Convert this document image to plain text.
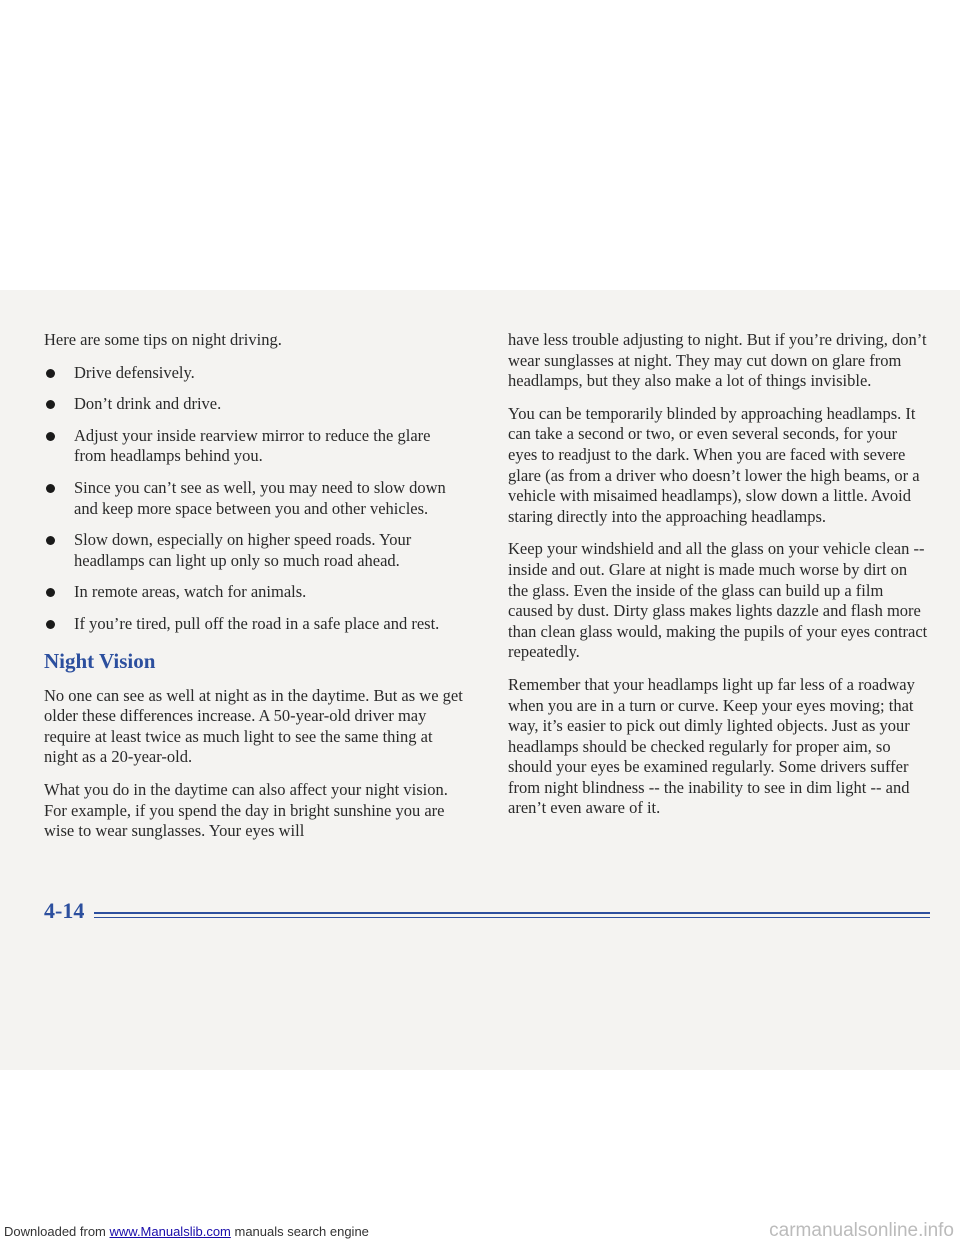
Here are some tips on night driving.

Drive defensively.
Don’t drink and drive.
Adjust your inside rearview mirror to reduce the glare from headlamps behind you.
Since you can’t see as well, you may need to slow down and keep more space between you and other vehicles.
Slow down, especially on higher speed roads. Your headlamps can light up only so much road ahead.
In remote areas, watch for animals.
If you’re tired, pull off the road in a safe place and rest.
Night Vision

No one can see as well at night as in the daytime. But as we get older these differences increase. A 50-year-old driver may require at least twice as much light to see the same thing at night as a 20-year-old.

What you do in the daytime can also affect your night vision. For example, if you spend the day in bright sunshine you are wise to wear sunglasses. Your eyes will

have less trouble adjusting to night. But if you’re driving, don’t wear sunglasses at night. They may cut down on glare from headlamps, but they also make a lot of things invisible.

You can be temporarily blinded by approaching headlamps. It can take a second or two, or even several seconds, for your eyes to readjust to the dark. When you are faced with severe glare (as from a driver who doesn’t lower the high beams, or a vehicle with misaimed headlamps), slow down a little. Avoid staring directly into the approaching headlamps.

Keep your windshield and all the glass on your vehicle clean -- inside and out. Glare at night is made much worse by dirt on the glass. Even the inside of the glass can build up a film caused by dust. Dirty glass makes lights dazzle and flash more than clean glass would, making the pupils of your eyes contract repeatedly.

Remember that your headlamps light up far less of a roadway when you are in a turn or curve. Keep your eyes moving; that way, it’s easier to pick out dimly lighted objects. Just as your headlamps should be checked regularly for proper aim, so should your eyes be examined regularly. Some drivers suffer from night blindness -- the inability to see in dim light -- and aren’t even aware of it.

4-14
Downloaded from www.Manualslib.com manuals search engine	carmanualsonline.info
